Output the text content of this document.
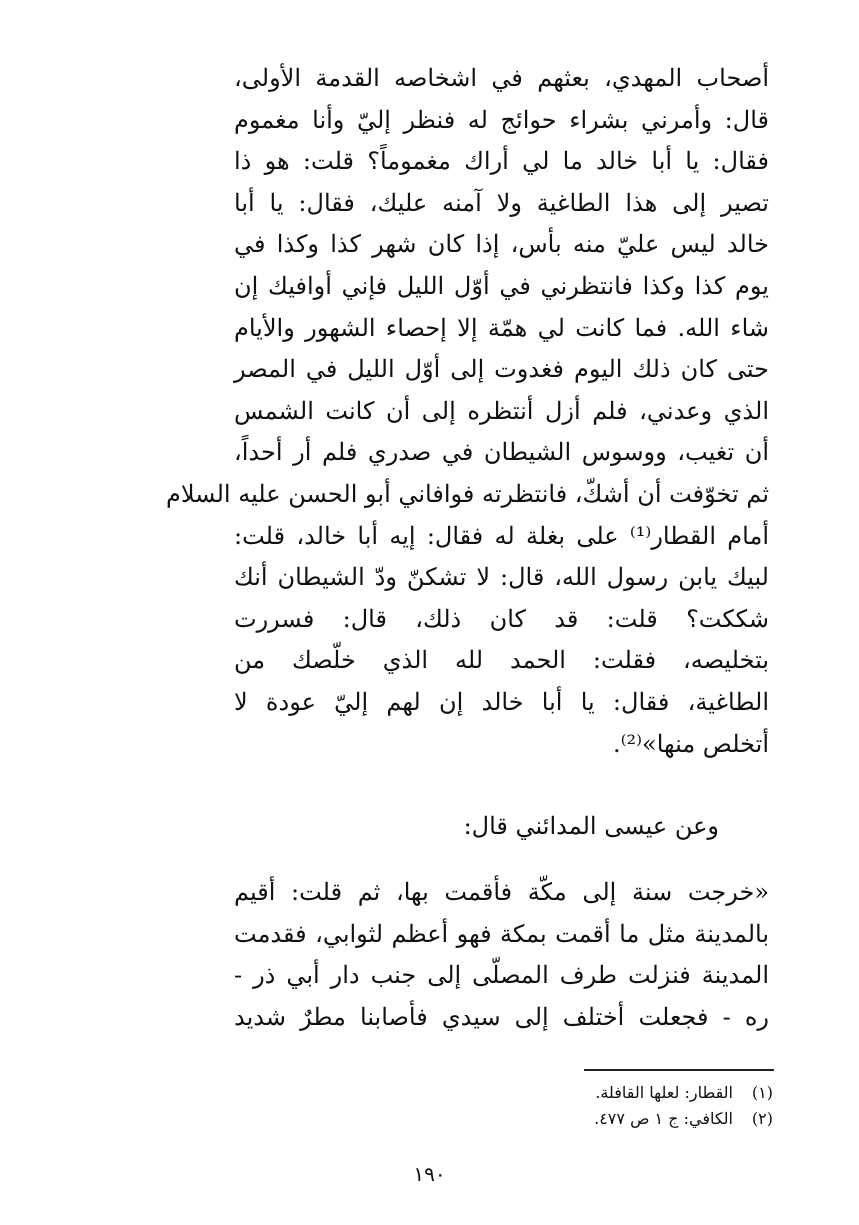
أصحاب المهدي، بعثهم في اشخاصه القدمة الأولى،
قال: وأمرني بشراء حوائج له فنظر إليّ وأنا مغموم
فقال: يا أبا خالد ما لي أراك مغموماً؟ قلت: هو ذا
تصير إلى هذا الطاغية ولا آمنه عليك، فقال: يا أبا
خالد ليس عليّ منه بأس، إذا كان شهر كذا وكذا في
يوم كذا وكذا فانتظرني في أوّل الليل فإني أوافيك إن
شاء الله. فما كانت لي همّة إلا إحصاء الشهور والأيام
حتى كان ذلك اليوم فغدوت إلى أوّل الليل في المصر
الذي وعدني، فلم أزل أنتظره إلى أن كانت الشمس
أن تغيب، ووسوس الشيطان في صدري فلم أر أحداً،
ثم تخوّفت أن أشكّ، فانتظرته فوافاني أبو الحسن عليه السلام
أمام القطار⁽¹⁾ على بغلة له فقال: إيه أبا خالد، قلت:
لبيك يابن رسول الله، قال: لا تشكنّ ودّ الشيطان أنك
شككت؟ قلت: قد كان ذلك، قال: فسررت
بتخليصه، فقلت: الحمد لله الذي خلّصك من
الطاغية، فقال: يا أبا خالد إن لهم إليّ عودة لا
أتخلص منها»⁽²⁾.
وعن عيسى المدائني قال:
«خرجت سنة إلى مكّة فأقمت بها، ثم قلت: أقيم
بالمدينة مثل ما أقمت بمكة فهو أعظم لثوابي، فقدمت
المدينة فنزلت طرف المصلّى إلى جنب دار أبي ذر -
ره - فجعلت أختلف إلى سيدي فأصابنا مطرٌ شديد
(١)القطار: لعلها القافلة.
(٢)الكافي: ج ١ ص ٤٧٧.
١٩٠
